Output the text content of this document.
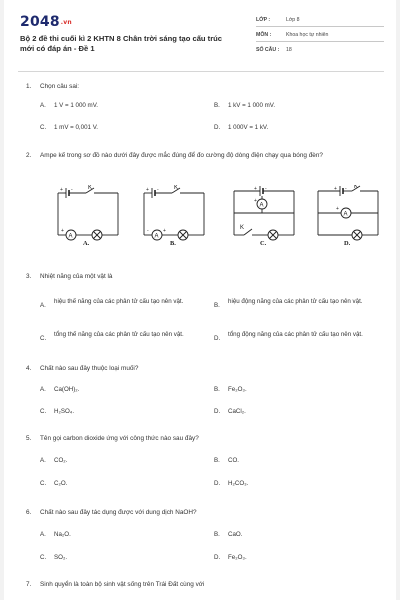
$2048^{.vn}$
Bộ 2 đề thi cuối kì 2 KHTN 8 Chân trời sáng tạo cấu trúc mới có đáp án - Đề 1
LỚP :	Lớp 8
MÔN :	Khoa học tự nhiên
SỐ CÂU : 18
1. Chọn câu sai:
A. 1 V = 1 000 mV.	B. 1 kV = 1 000 mV.
C. 1 mV = 0,001 V.	D. 1 000V = 1 kV.
2. Ampe kế trong sơ đồ nào dưới đây được mắc đúng để đo cường độ dòng điện chạy qua bóng đèn?
A
+ -	K
+
A
+ -	K
-	+
A
+ -
+
K
A
+ - K
+
A.	B.	C.	D.
3. Nhiệt năng của một vật là
A.
hiệu thế năng của các phân tử cấu tạo nên vật.
B.
hiệu động năng của các phân tử cấu tạo nên vật.
C.
tổng thế năng của các phân tử cấu tạo nên vật.
D.
tổng động năng của các phân tử cấu tạo nên vật.
4. Chất nào sau đây thuộc loại muối?
A. Ca(OH)₂.	B. Fe₂O₃.
C. H₂SO₄.	D. CaCl₂.
5. Tên gọi carbon dioxide ứng với công thức nào sau đây?
A. CO₂.	B. CO.
C. C₂O.	D. H₂CO₃.
6. Chất nào sau đây tác dụng được với dung dịch NaOH?
A. Na₂O.	B. CaO.
C. SO₂.	D. Fe₂O₃.
7. Sinh quyển là toàn bộ sinh vật sống trên Trái Đất cùng với
